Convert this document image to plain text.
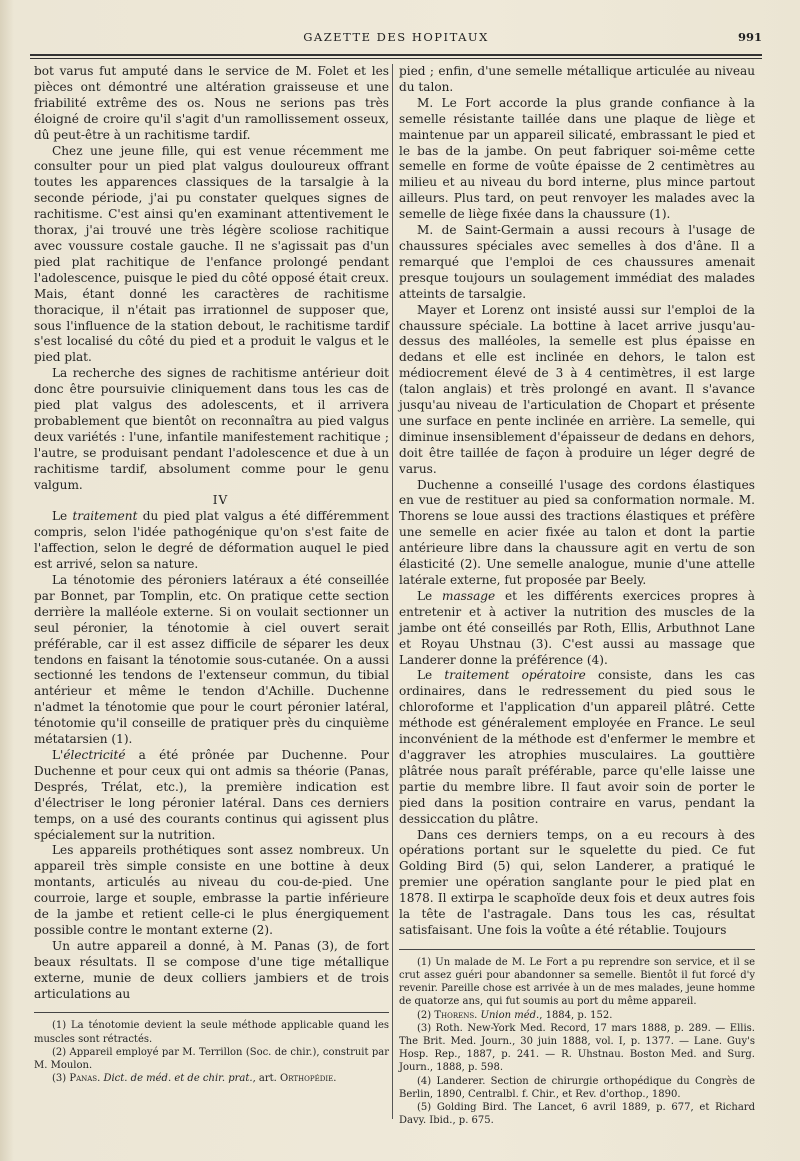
GAZETTE DES HOPITAUX	991

bot varus fut amputé dans le service de M. Folet et les pièces ont démontré une altération graisseuse et une friabilité extrême des os. Nous ne serions pas très éloigné de croire qu'il s'agit d'un ramollissement osseux, dû peut-être à un rachitisme tardif.

Chez une jeune fille, qui est venue récemment me consulter pour un pied plat valgus douloureux offrant toutes les apparences classiques de la tarsalgie à la seconde période, j'ai pu constater quelques signes de rachitisme. C'est ainsi qu'en examinant attentivement le thorax, j'ai trouvé une très légère scoliose rachitique avec voussure costale gauche. Il ne s'agissait pas d'un pied plat rachitique de l'enfance prolongé pendant l'adolescence, puisque le pied du côté opposé était creux. Mais, étant donné les caractères de rachitisme thoracique, il n'était pas irrationnel de supposer que, sous l'influence de la station debout, le rachitisme tardif s'est localisé du côté du pied et a produit le valgus et le pied plat.

La recherche des signes de rachitisme antérieur doit donc être poursuivie cliniquement dans tous les cas de pied plat valgus des adolescents, et il arrivera probablement que bientôt on reconnaîtra au pied valgus deux variétés : l'une, infantile manifestement rachitique ; l'autre, se produisant pendant l'adolescence et due à un rachitisme tardif, absolument comme pour le genu valgum.

IV

Le traitement du pied plat valgus a été différemment compris, selon l'idée pathogénique qu'on s'est faite de l'affection, selon le degré de déformation auquel le pied est arrivé, selon sa nature.

La ténotomie des péroniers latéraux a été conseillée par Bonnet, par Tomplin, etc. On pratique cette section derrière la malléole externe. Si on voulait sectionner un seul péronier, la ténotomie à ciel ouvert serait préférable, car il est assez difficile de séparer les deux tendons en faisant la ténotomie sous-cutanée. On a aussi sectionné les tendons de l'extenseur commun, du tibial antérieur et même le tendon d'Achille. Duchenne n'admet la ténotomie que pour le court péronier latéral, ténotomie qu'il conseille de pratiquer près du cinquième métatarsien (1).

L'électricité a été prônée par Duchenne. Pour Duchenne et pour ceux qui ont admis sa théorie (Panas, Després, Trélat, etc.), la première indication est d'électriser le long péronier latéral. Dans ces derniers temps, on a usé des courants continus qui agissent plus spécialement sur la nutrition.

Les appareils prothétiques sont assez nombreux. Un appareil très simple consiste en une bottine à deux montants, articulés au niveau du cou-de-pied. Une courroie, large et souple, embrasse la partie inférieure de la jambe et retient celle-ci le plus énergiquement possible contre le montant externe (2).

Un autre appareil a donné, à M. Panas (3), de fort beaux résultats. Il se compose d'une tige métallique externe, munie de deux colliers jambiers et de trois articulations au

(1) La ténotomie devient la seule méthode applicable quand les muscles sont rétractés.

(2) Appareil employé par M. Terrillon (Soc. de chir.), construit par M. Moulon.

(3) Panas. Dict. de méd. et de chir. prat., art. Orthopédie.

pied ; enfin, d'une semelle métallique articulée au niveau du talon.

M. Le Fort accorde la plus grande confiance à la semelle résistante taillée dans une plaque de liège et maintenue par un appareil silicaté, embrassant le pied et le bas de la jambe. On peut fabriquer soi-même cette semelle en forme de voûte épaisse de 2 centimètres au milieu et au niveau du bord interne, plus mince partout ailleurs. Plus tard, on peut renvoyer les malades avec la semelle de liège fixée dans la chaussure (1).

M. de Saint-Germain a aussi recours à l'usage de chaussures spéciales avec semelles à dos d'âne. Il a remarqué que l'emploi de ces chaussures amenait presque toujours un soulagement immédiat des malades atteints de tarsalgie.

Mayer et Lorenz ont insisté aussi sur l'emploi de la chaussure spéciale. La bottine à lacet arrive jusqu'au-dessus des malléoles, la semelle est plus épaisse en dedans et elle est inclinée en dehors, le talon est médiocrement élevé de 3 à 4 centimètres, il est large (talon anglais) et très prolongé en avant. Il s'avance jusqu'au niveau de l'articulation de Chopart et présente une surface en pente inclinée en arrière. La semelle, qui diminue insensiblement d'épaisseur de dedans en dehors, doit être taillée de façon à produire un léger degré de varus.

Duchenne a conseillé l'usage des cordons élastiques en vue de restituer au pied sa conformation normale. M. Thorens se loue aussi des tractions élastiques et préfère une semelle en acier fixée au talon et dont la partie antérieure libre dans la chaussure agit en vertu de son élasticité (2). Une semelle analogue, munie d'une attelle latérale externe, fut proposée par Beely.

Le massage et les différents exercices propres à entretenir et à activer la nutrition des muscles de la jambe ont été conseillés par Roth, Ellis, Arbuthnot Lane et Royau Uhstnau (3). C'est aussi au massage que Landerer donne la préférence (4).

Le traitement opératoire consiste, dans les cas ordinaires, dans le redressement du pied sous le chloroforme et l'application d'un appareil plâtré. Cette méthode est généralement employée en France. Le seul inconvénient de la méthode est d'enfermer le membre et d'aggraver les atrophies musculaires. La gouttière plâtrée nous paraît préférable, parce qu'elle laisse une partie du membre libre. Il faut avoir soin de porter le pied dans la position contraire en varus, pendant la dessiccation du plâtre.

Dans ces derniers temps, on a eu recours à des opérations portant sur le squelette du pied. Ce fut Golding Bird (5) qui, selon Landerer, a pratiqué le premier une opération sanglante pour le pied plat en 1878. Il extirpa le scaphoïde deux fois et deux autres fois la tête de l'astragale. Dans tous les cas, résultat satisfaisant. Une fois la voûte a été rétablie. Toujours

(1) Un malade de M. Le Fort a pu reprendre son service, et il se crut assez guéri pour abandonner sa semelle. Bientôt il fut forcé d'y revenir. Pareille chose est arrivée à un de mes malades, jeune homme de quatorze ans, qui fut soumis au port du même appareil.

(2) Thorens. Union méd., 1884, p. 152.

(3) Roth. New-York Med. Record, 17 mars 1888, p. 289. — Ellis. The Brit. Med. Journ., 30 juin 1888, vol. I, p. 1377. — Lane. Guy's Hosp. Rep., 1887, p. 241. — R. Uhstnau. Boston Med. and Surg. Journ., 1888, p. 598.

(4) Landerer. Section de chirurgie orthopédique du Congrès de Berlin, 1890, Centralbl. f. Chir., et Rev. d'orthop., 1890.

(5) Golding Bird. The Lancet, 6 avril 1889, p. 677, et Richard Davy. Ibid., p. 675.
